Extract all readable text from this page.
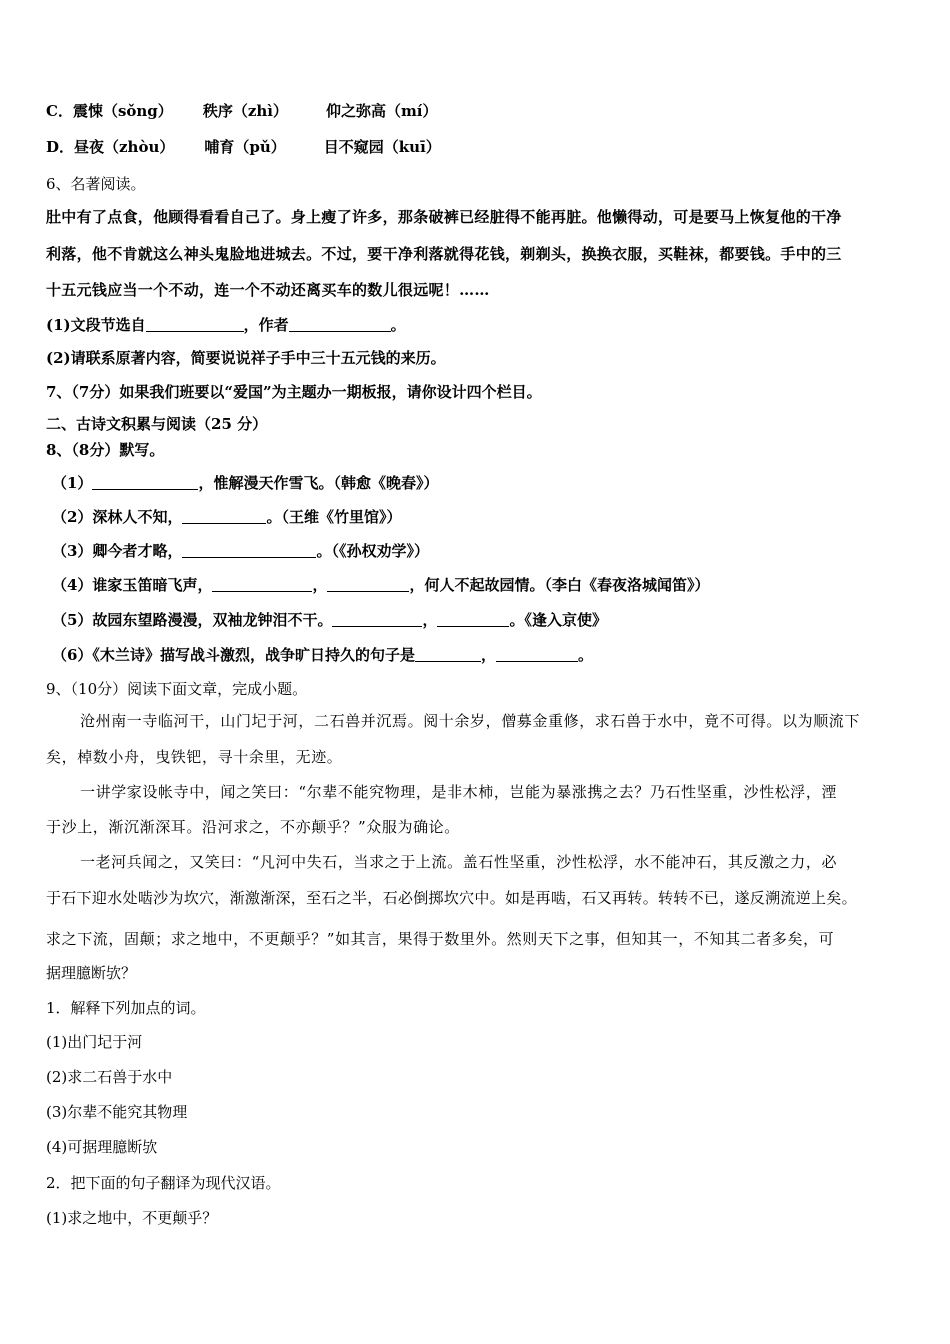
C．震悚（sǒng） 秩序（zhì）	仰之弥高（mí）
D．昼夜（zhòu） 哺育（pǔ）	目不窥园（kuī）
6、名著阅读。
肚中有了点食，他顾得看看自己了。身上瘦了许多，那条破裤已经脏得不能再脏。他懒得动，可是要马上恢复他的干净
利落，他不肯就这么神头鬼脸地进城去。不过，要干净利落就得花钱，剃剃头，换换衣服，买鞋袜，都要钱。手中的三
十五元钱应当一个不动，连一个不动还离买车的数儿很远呢！……
(1)文段节选自	，作者	。
(2)请联系原著内容，简要说说祥子手中三十五元钱的来历。
7、（7分）如果我们班要以“爱国”为主题办一期板报，请你设计四个栏目。
二、古诗文积累与阅读（25 分）
8、（8分）默写。
（1）	，惟解漫天作雪飞。（韩愈《晚春》）
（2）深林人不知，	。（王维《竹里馆》）
（3）卿今者才略，	。（《孙权劝学》）
（4）谁家玉笛暗飞声，	，	，何人不起故园情。（李白《春夜洛城闻笛》）
（5）故园东望路漫漫，双袖龙钟泪不干。	，	。《逢入京使》
（6）《木兰诗》描写战斗激烈，战争旷日持久的句子是	，	。
9、（10分）阅读下面文章，完成小题。
沧州南一寺临河干，山门圮于河，二石兽并沉焉。阅十余岁，僧募金重修，求石兽于水中，竟不可得。以为顺流下
矣，棹数小舟，曳铁钯，寻十余里，无迹。
一讲学家设帐寺中，闻之笑曰：“尔辈不能究物理，是非木柿，岂能为暴涨携之去？乃石性坚重，沙性松浮，湮
于沙上，渐沉渐深耳。沿河求之，不亦颠乎？”众服为确论。
一老河兵闻之，又笑曰：“凡河中失石，当求之于上流。盖石性坚重，沙性松浮，水不能冲石，其反激之力，必
于石下迎水处啮沙为坎穴，渐激渐深，至石之半，石必倒掷坎穴中。如是再啮，石又再转。转转不已，遂反溯流逆上矣。
求之下流，固颠；求之地中，不更颠乎？”如其言，果得于数里外。然则天下之事，但知其一，不知其二者多矣，可
据理臆断欤？
1．解释下列加点的词。
(1)出门圮于河
(2)求二石兽于水中
(3)尔辈不能究其物理
(4)可据理臆断欤
2．把下面的句子翻译为现代汉语。
(1)求之地中，不更颠乎？
